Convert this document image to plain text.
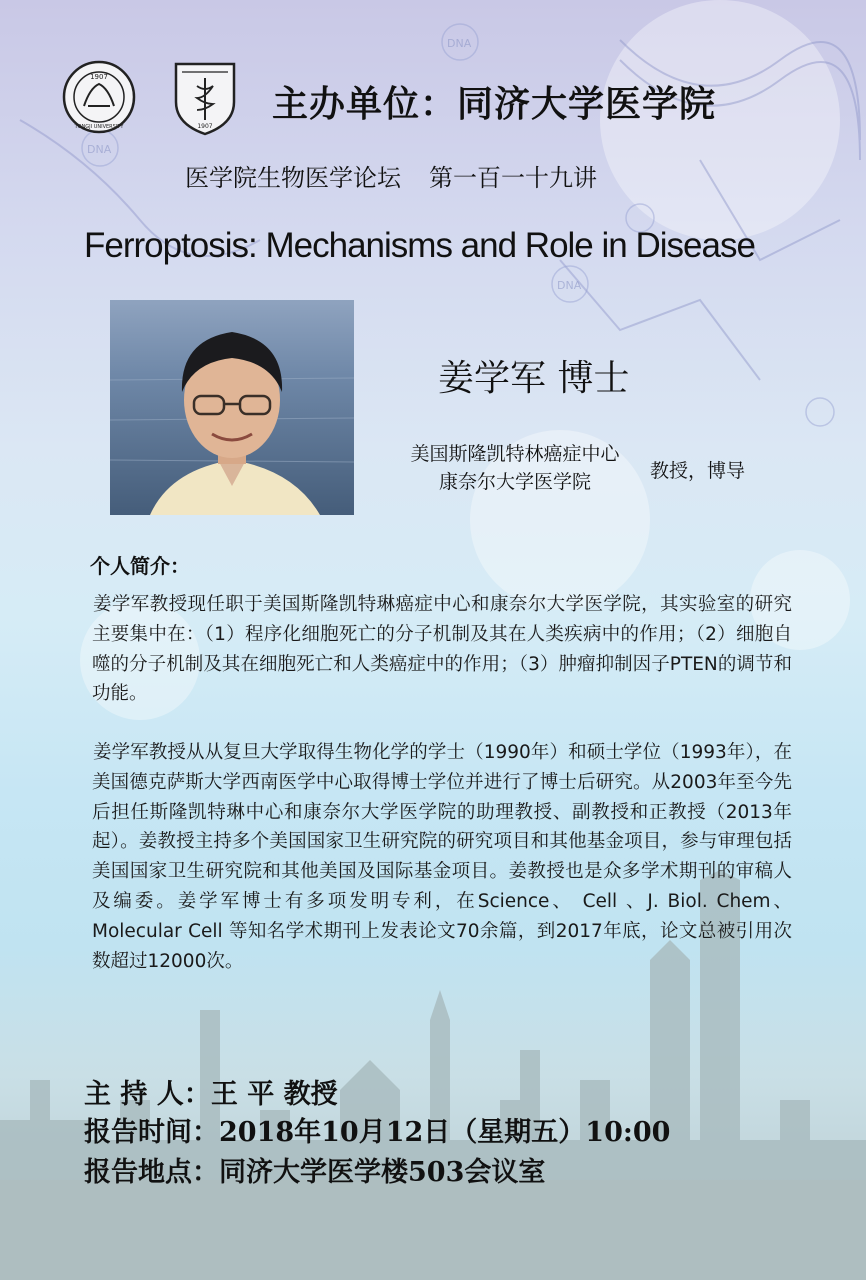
DNA
DNA
DNA
1907
TONGJI UNIVERSITY	1907
主办单位：同济大学医学院
医学院生物医学论坛 第一百一十九讲
Ferroptosis: Mechanisms and Role in Disease
姜学军 博士
美国斯隆凯特林癌症中心
康奈尔大学医学院	教授，博导
个人简介：

姜学军教授现任职于美国斯隆凯特琳癌症中心和康奈尔大学医学院，其实验室的研究主要集中在：（1）程序化细胞死亡的分子机制及其在人类疾病中的作用；（2）细胞自噬的分子机制及其在细胞死亡和人类癌症中的作用；（3）肿瘤抑制因子PTEN的调节和功能。

姜学军教授从从复旦大学取得生物化学的学士（1990年）和硕士学位（1993年），在美国德克萨斯大学西南医学中心取得博士学位并进行了博士后研究。从2003年至今先后担任斯隆凯特琳中心和康奈尔大学医学院的助理教授、副教授和正教授（2013年起）。姜教授主持多个美国国家卫生研究院的研究项目和其他基金项目，参与审理包括美国国家卫生研究院和其他美国及国际基金项目。姜教授也是众多学术期刊的审稿人及编委。姜学军博士有多项发明专利，在Science、 Cell 、J. Biol. Chem、Molecular Cell 等知名学术期刊上发表论文70余篇，到2017年底，论文总被引用次数超过12000次。

主 持 人：王 平 教授
报告时间：2018年10月12日（星期五）10:00
报告地点：同济大学医学楼503会议室
